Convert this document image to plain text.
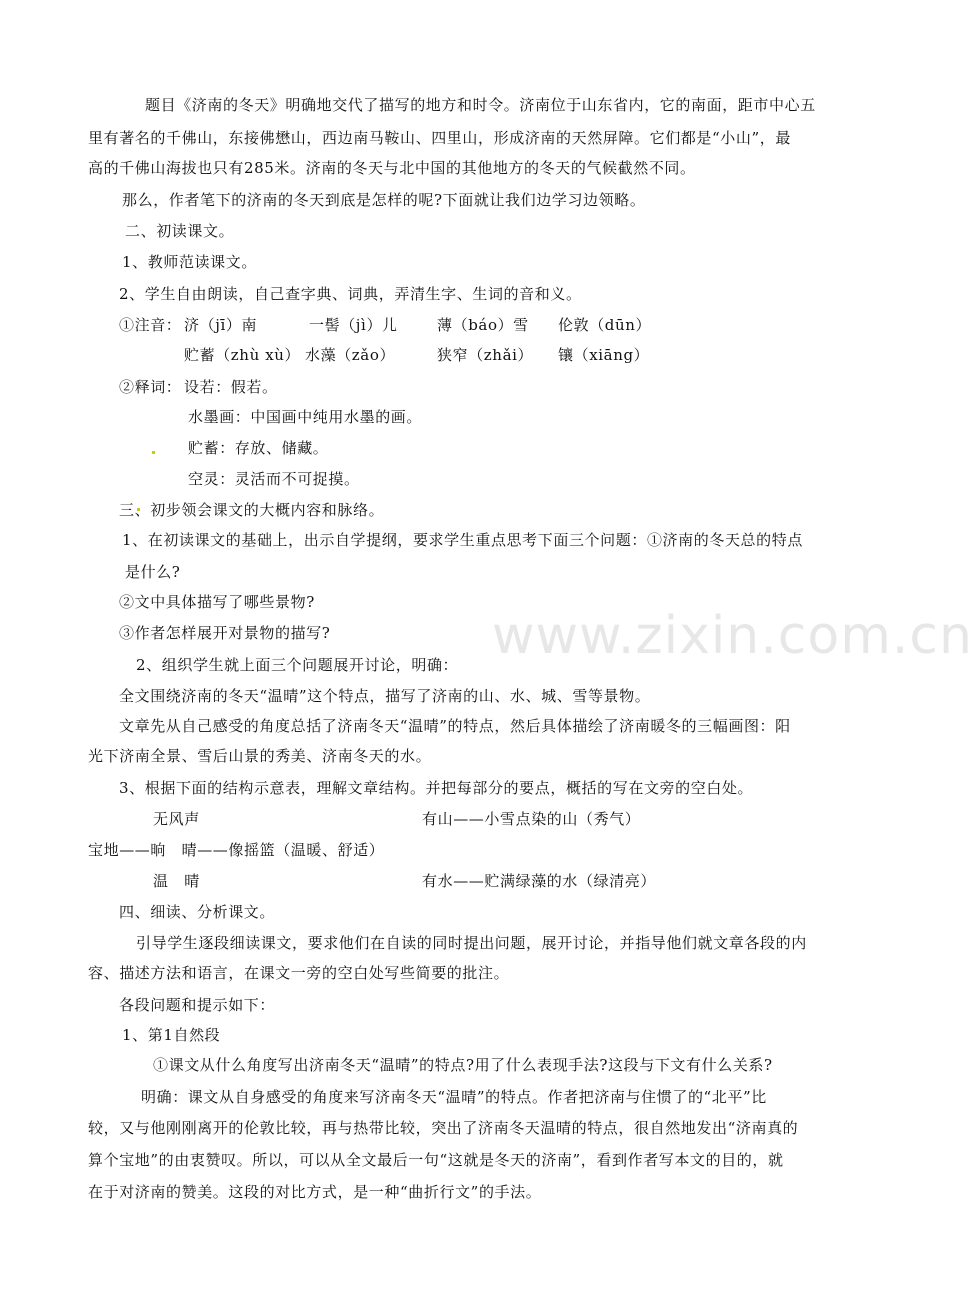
www.zixin.com.cn
题目《济南的冬天》明确地交代了描写的地方和时令。济南位于山东省内，它的南面，距市中心五
里有著名的千佛山，东接佛懋山，西边南马鞍山、四里山，形成济南的天然屏障。它们都是“小山”，最
高的千佛山海拔也只有285米。济南的冬天与北中国的其他地方的冬天的气候截然不同。
那么，作者笔下的济南的冬天到底是怎样的呢?下面就让我们边学习边领略。
二、初读课文。
1、教师范读课文。
2、学生自由朗读，自己查字典、词典，弄清生字、生词的音和义。
①注音： 济（jī）南	一髻（jì）儿	薄（báo）雪 伦敦（dūn）
贮蓄（zhù xù） 水藻（zǎo）	狭窄（zhǎi） 镶（xiāng）
②释词： 设若：假若。
水墨画：中国画中纯用水墨的画。
贮蓄：存放、储藏。
空灵：灵活而不可捉摸。
三、初步领会课文的大概内容和脉络。
1、在初读课文的基础上，出示自学提纲，要求学生重点思考下面三个问题：①济南的冬天总的特点
是什么?
②文中具体描写了哪些景物?
③作者怎样展开对景物的描写?
2、组织学生就上面三个问题展开讨论，明确：
全文围绕济南的冬天“温晴”这个特点，描写了济南的山、水、城、雪等景物。
文章先从自己感受的角度总括了济南冬天“温晴”的特点，然后具体描绘了济南暖冬的三幅画图：阳
光下济南全景、雪后山景的秀美、济南冬天的水。
3、根据下面的结构示意表，理解文章结构。并把每部分的要点，概括的写在文旁的空白处。
无风声	有山——小雪点染的山（秀气）
宝地——晌　晴——像摇篮（温暖、舒适）
温　晴	有水——贮满绿藻的水（绿清亮）
四、细读、分析课文。
引导学生逐段细读课文，要求他们在自读的同时提出问题，展开讨论，并指导他们就文章各段的内
容、描述方法和语言，在课文一旁的空白处写些简要的批注。
各段问题和提示如下：
1、第1自然段
①课文从什么角度写出济南冬天“温晴”的特点?用了什么表现手法?这段与下文有什么关系?
明确：课文从自身感受的角度来写济南冬天“温晴”的特点。作者把济南与住惯了的“北平”比
较，又与他刚刚离开的伦敦比较，再与热带比较，突出了济南冬天温晴的特点，很自然地发出“济南真的
算个宝地”的由衷赞叹。所以，可以从全文最后一句“这就是冬天的济南”，看到作者写本文的目的，就
在于对济南的赞美。这段的对比方式，是一种“曲折行文”的手法。
